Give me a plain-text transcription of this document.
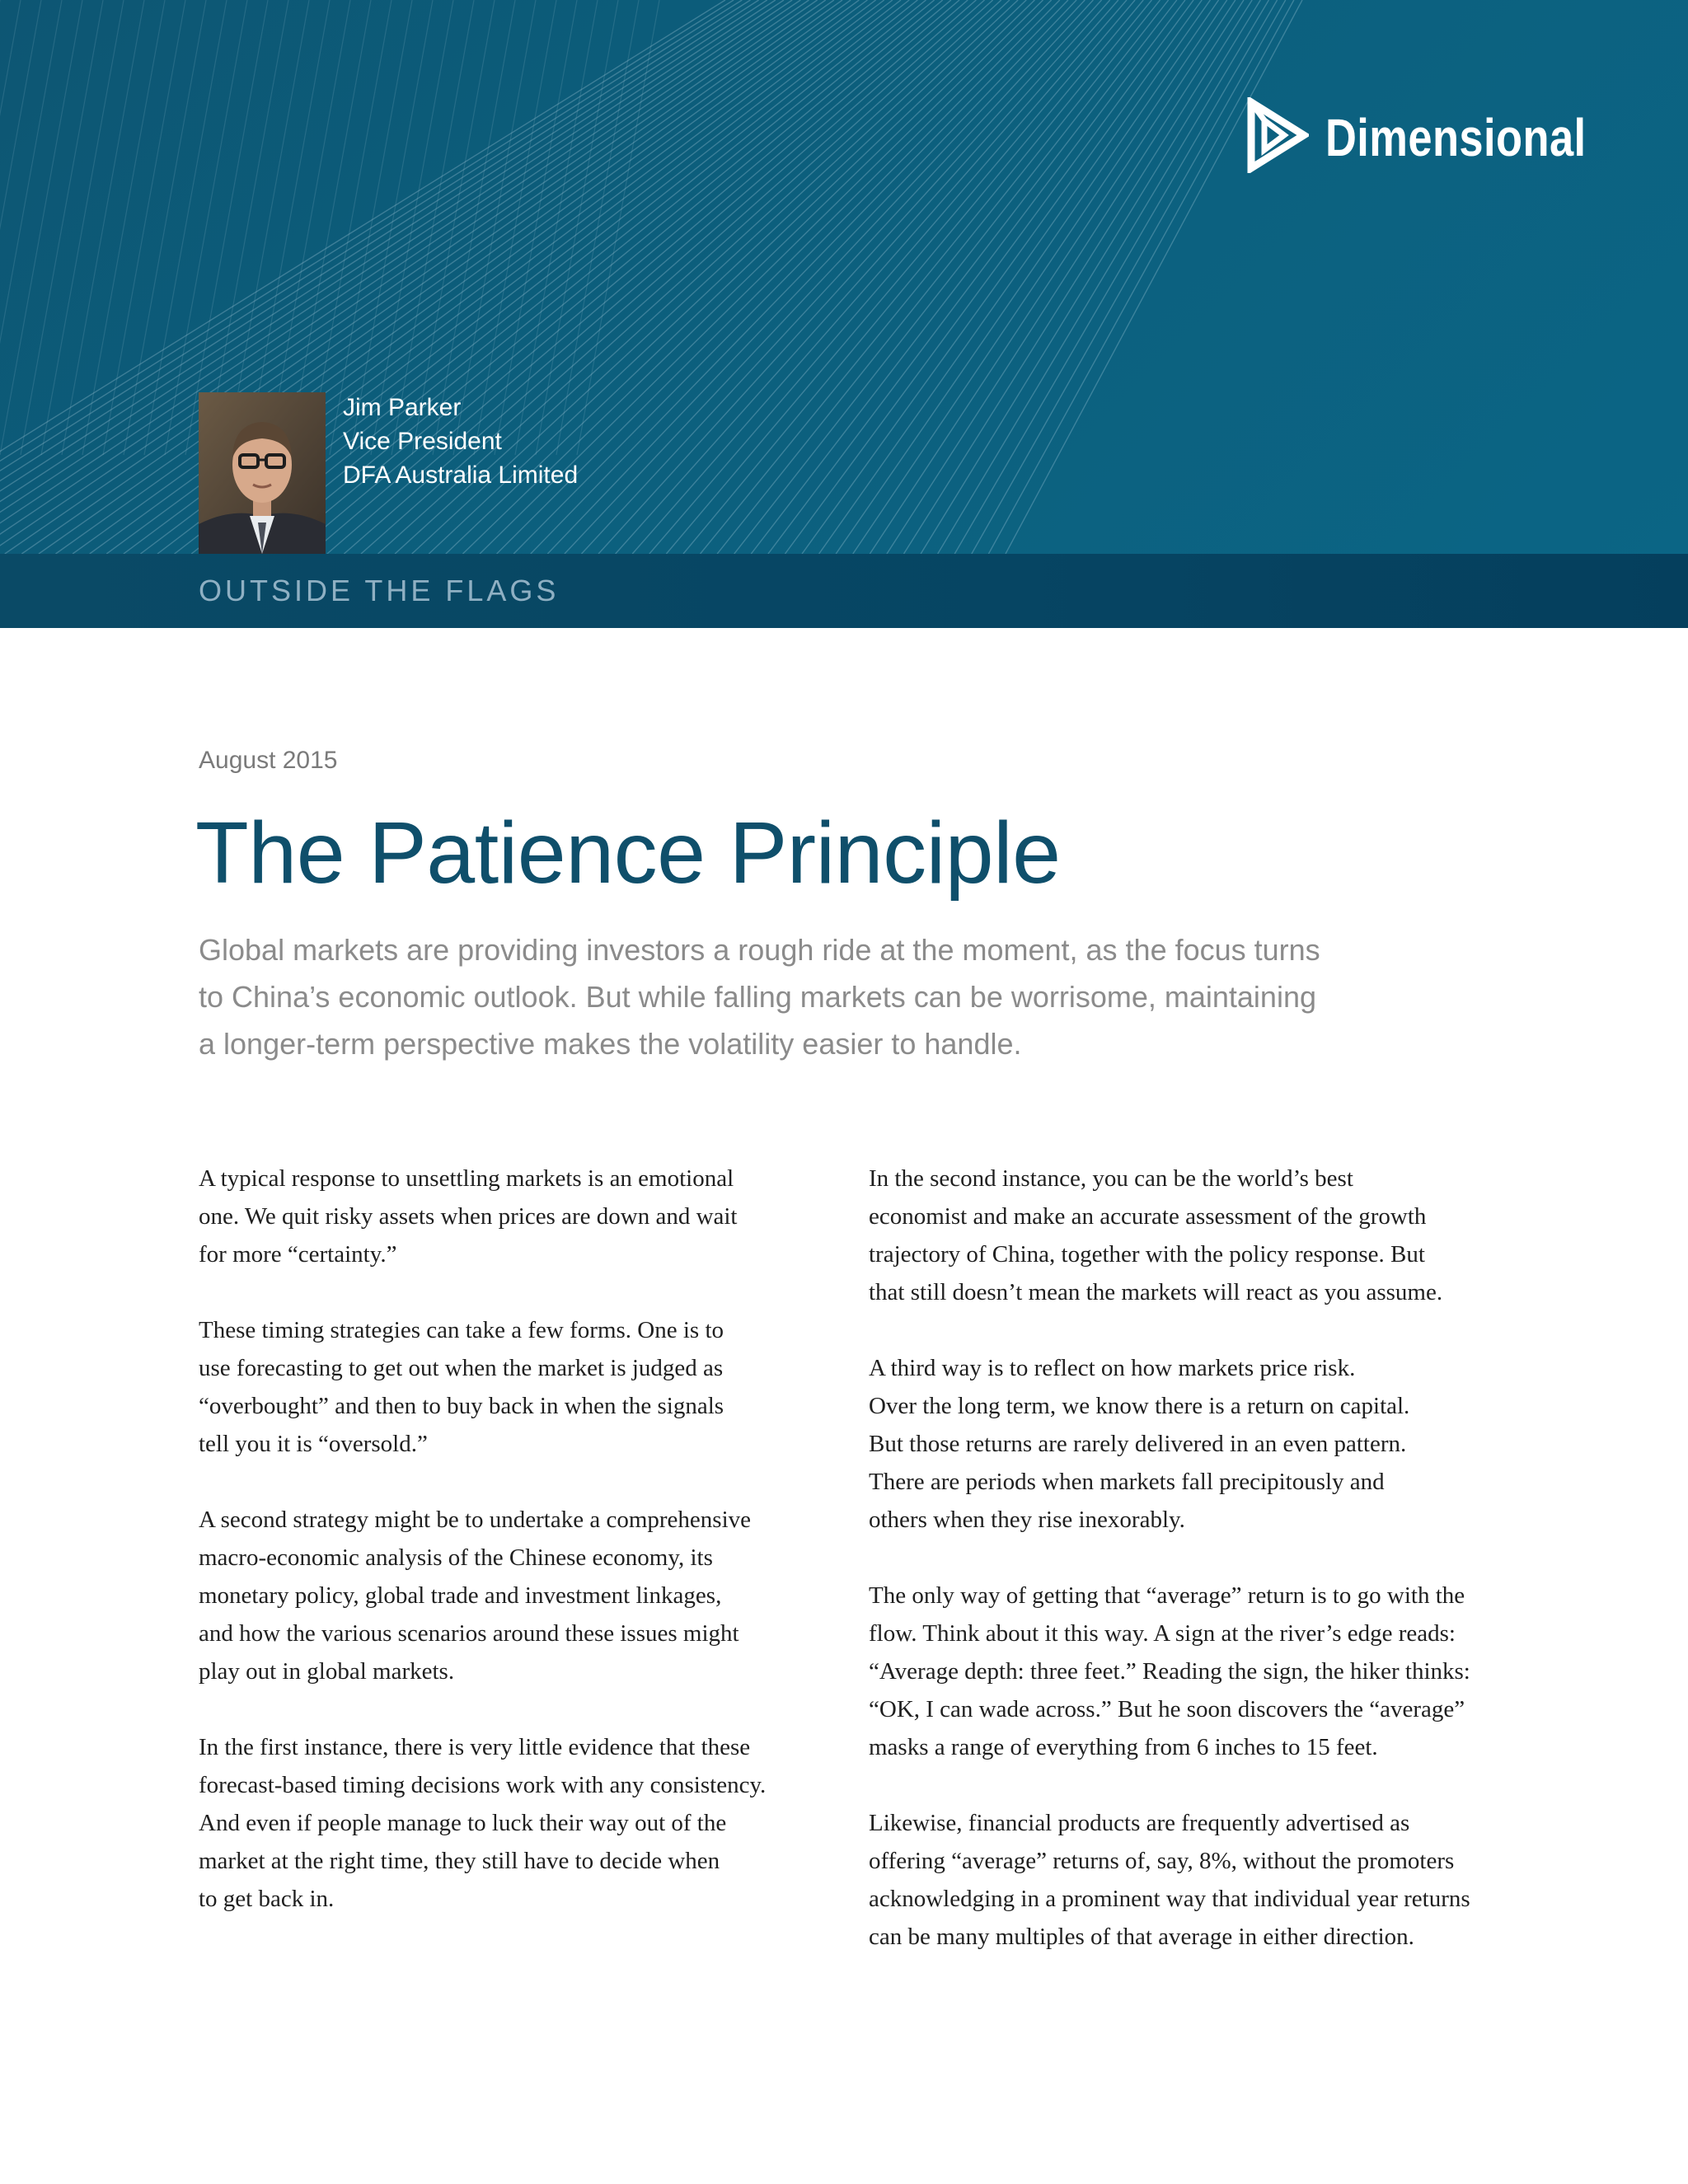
Dimensional
Jim Parker
Vice President
DFA Australia Limited
OUTSIDE THE FLAGS
August 2015
The Patience Principle
Global markets are providing investors a rough ride at the moment, as the focus turns
to China’s economic outlook. But while falling markets can be worrisome, maintaining
a longer-term perspective makes the volatility easier to handle.

A typical response to unsettling markets is an emotional
one. We quit risky assets when prices are down and wait
for more “certainty.”

These timing strategies can take a few forms. One is to
use forecasting to get out when the market is judged as
“overbought” and then to buy back in when the signals
tell you it is “oversold.”

A second strategy might be to undertake a comprehensive
macro-economic analysis of the Chinese economy, its
monetary policy, global trade and investment linkages,
and how the various scenarios around these issues might
play out in global markets.

In the first instance, there is very little evidence that these
forecast-based timing decisions work with any consistency.
And even if people manage to luck their way out of the
market at the right time, they still have to decide when
to get back in.

In the second instance, you can be the world’s best
economist and make an accurate assessment of the growth
trajectory of China, together with the policy response. But
that still doesn’t mean the markets will react as you assume.

A third way is to reflect on how markets price risk.
Over the long term, we know there is a return on capital.
But those returns are rarely delivered in an even pattern.
There are periods when markets fall precipitously and
others when they rise inexorably.

The only way of getting that “average” return is to go with the
flow. Think about it this way. A sign at the river’s edge reads:
“Average depth: three feet.” Reading the sign, the hiker thinks:
“OK, I can wade across.” But he soon discovers the “average”
masks a range of everything from 6 inches to 15 feet.

Likewise, financial products are frequently advertised as
offering “average” returns of, say, 8%, without the promoters
acknowledging in a prominent way that individual year returns
can be many multiples of that average in either direction.
